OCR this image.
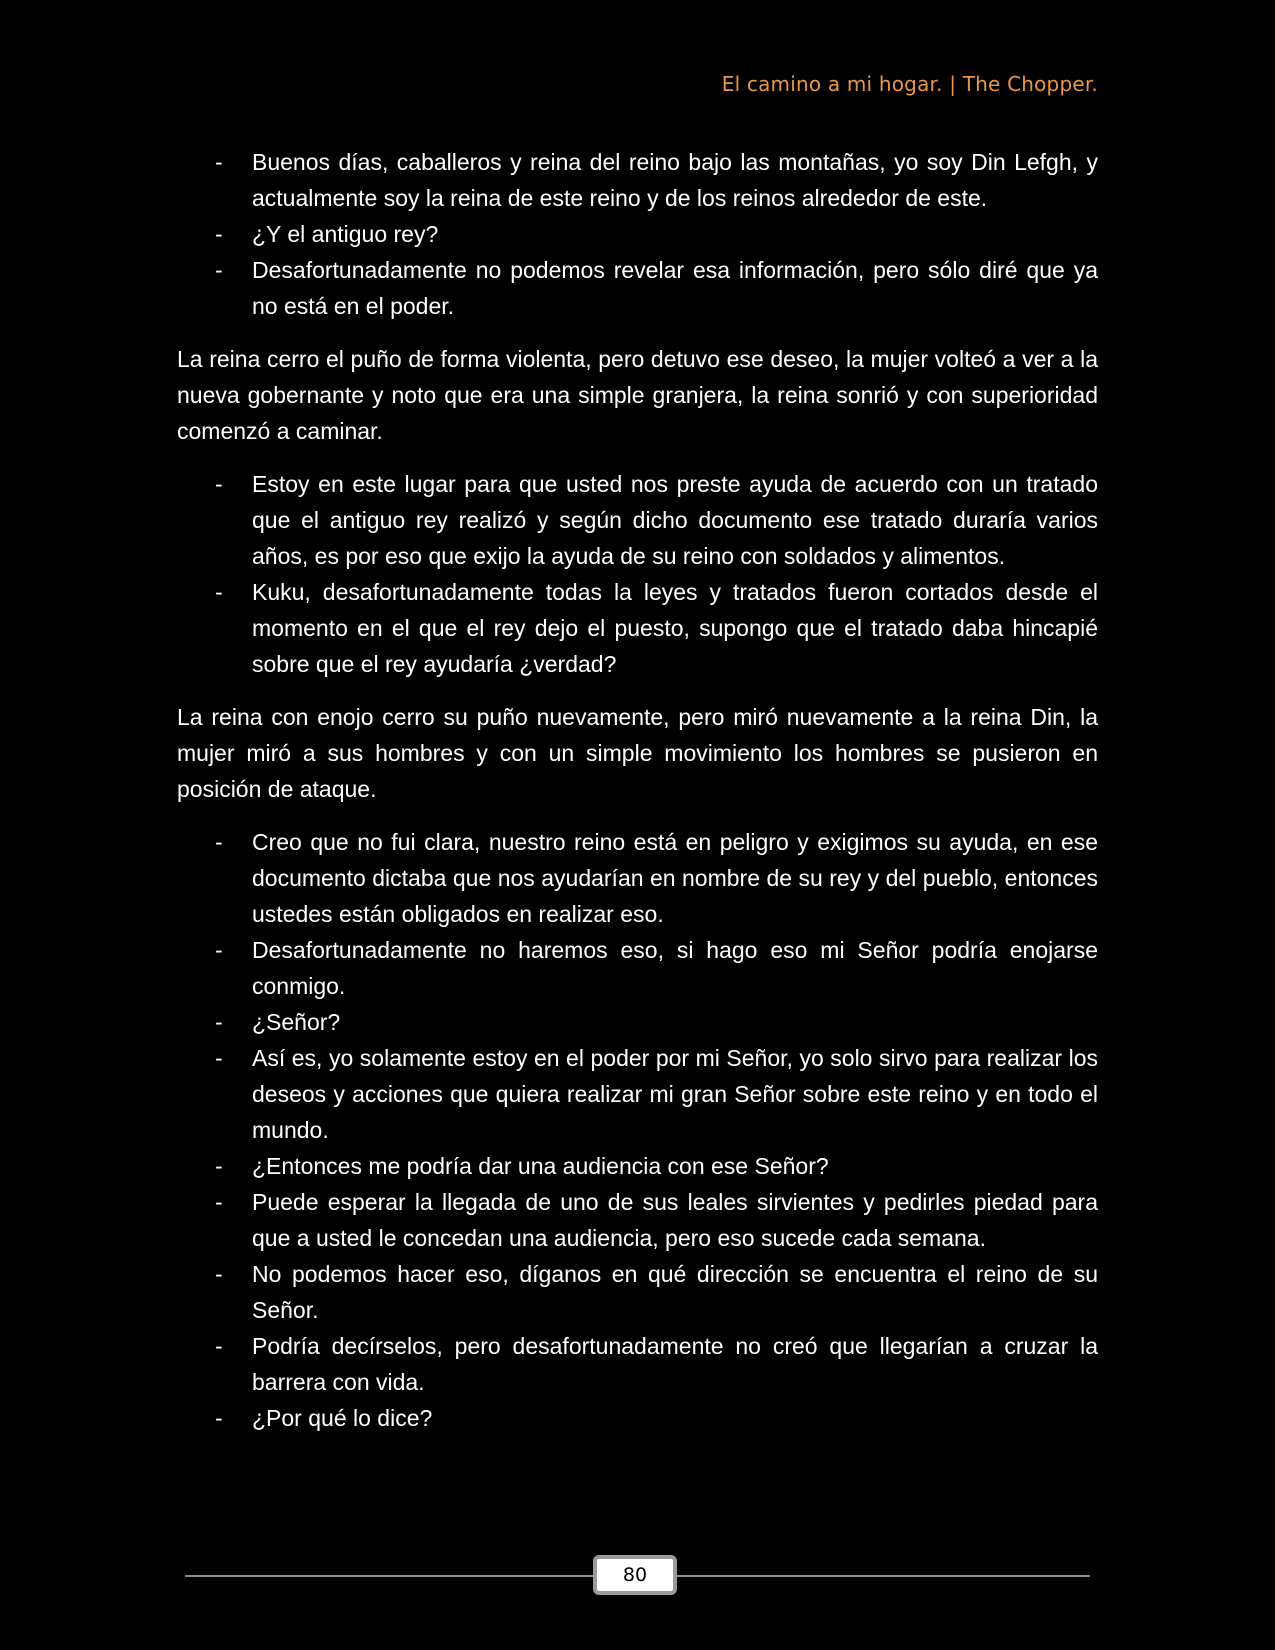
El camino a mi hogar. | The Chopper.
- Buenos días, caballeros y reina del reino bajo las montañas, yo soy Din Lefgh, y actualmente soy la reina de este reino y de los reinos alrededor de este.
- ¿Y el antiguo rey?
- Desafortunadamente no podemos revelar esa información, pero sólo diré que ya no está en el poder.

La reina cerro el puño de forma violenta, pero detuvo ese deseo, la mujer volteó a ver a la nueva gobernante y noto que era una simple granjera, la reina sonrió y con superioridad comenzó a caminar.

- Estoy en este lugar para que usted nos preste ayuda de acuerdo con un tratado que el antiguo rey realizó y según dicho documento ese tratado duraría varios años, es por eso que exijo la ayuda de su reino con soldados y alimentos.
- Kuku, desafortunadamente todas la leyes y tratados fueron cortados desde el momento en el que el rey dejo el puesto, supongo que el tratado daba hincapié sobre que el rey ayudaría ¿verdad?

La reina con enojo cerro su puño nuevamente, pero miró nuevamente a la reina Din, la mujer miró a sus hombres y con un simple movimiento los hombres se pusieron en posición de ataque.

- Creo que no fui clara, nuestro reino está en peligro y exigimos su ayuda, en ese documento dictaba que nos ayudarían en nombre de su rey y del pueblo, entonces ustedes están obligados en realizar eso.
- Desafortunadamente no haremos eso, si hago eso mi Señor podría enojarse conmigo.
- ¿Señor?
- Así es, yo solamente estoy en el poder por mi Señor, yo solo sirvo para realizar los deseos y acciones que quiera realizar mi gran Señor sobre este reino y en todo el mundo.
- ¿Entonces me podría dar una audiencia con ese Señor?
- Puede esperar la llegada de uno de sus leales sirvientes y pedirles piedad para que a usted le concedan una audiencia, pero eso sucede cada semana.
- No podemos hacer eso, díganos en qué dirección se encuentra el reino de su Señor.
- Podría decírselos, pero desafortunadamente no creó que llegarían a cruzar la barrera con vida.
- ¿Por qué lo dice?
80
